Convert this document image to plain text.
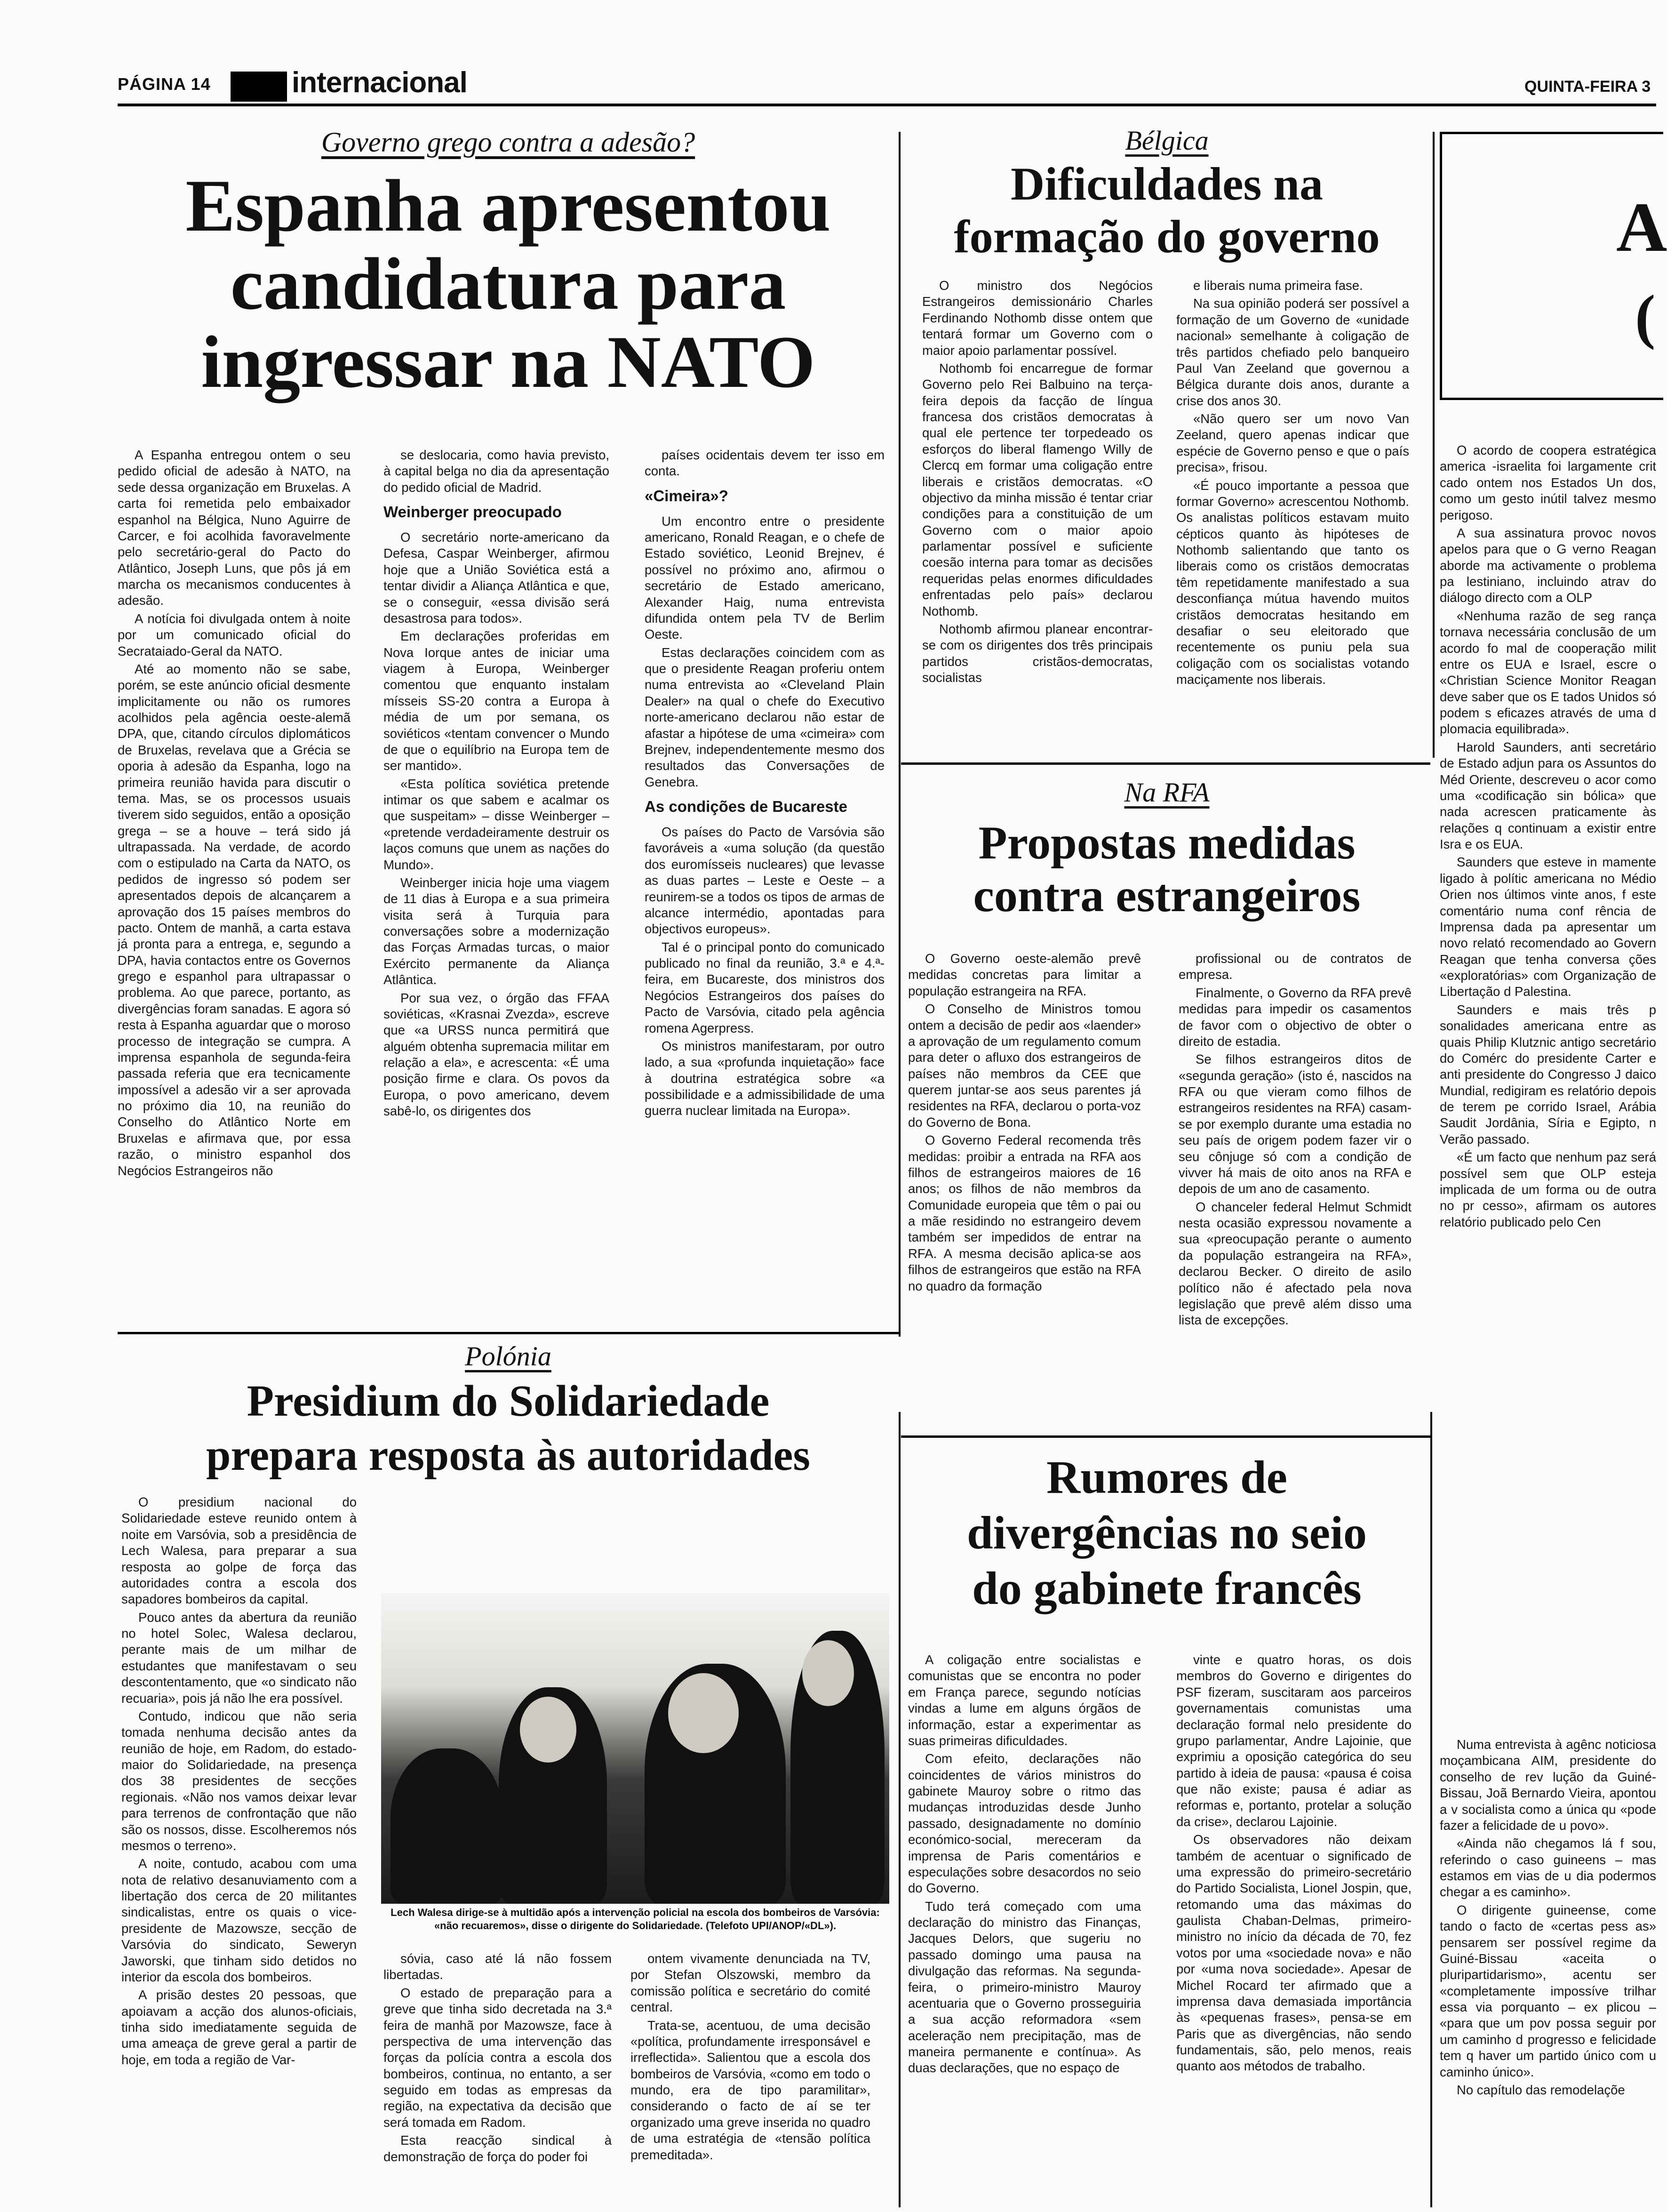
PÁGINA 14	internacional	QUINTA-FEIRA 3
Governo grego contra a adesão?
Espanha apresentou
candidatura para
ingressar na NATO

A Espanha entregou ontem o seu pedido oficial de adesão à NATO, na sede dessa organização em Bruxelas. A carta foi remetida pelo embaixador espanhol na Bélgica, Nuno Aguirre de Carcer, e foi acolhida favoravelmente pelo secretário-geral do Pacto do Atlântico, Joseph Luns, que pôs já em marcha os mecanismos conducentes à adesão.

A notícia foi divulgada ontem à noite por um comunicado oficial do Secrataiado-Geral da NATO.

Até ao momento não se sabe, porém, se este anúncio oficial desmente implicitamente ou não os rumores acolhidos pela agência oeste-alemã DPA, que, citando círculos diplomáticos de Bruxelas, revelava que a Grécia se oporia à adesão da Espanha, logo na primeira reunião havida para discutir o tema. Mas, se os processos usuais tiverem sido seguidos, então a oposição grega – se a houve – terá sido já ultrapassada. Na verdade, de acordo com o estipulado na Carta da NATO, os pedidos de ingresso só podem ser apresentados depois de alcançarem a aprovação dos 15 países membros do pacto. Ontem de manhã, a carta estava já pronta para a entrega, e, segundo a DPA, havia contactos entre os Governos grego e espanhol para ultrapassar o problema. Ao que parece, portanto, as divergências foram sanadas. E agora só resta à Espanha aguardar que o moroso processo de integração se cumpra. A imprensa espanhola de segunda-feira passada referia que era tecnicamente impossível a adesão vir a ser aprovada no próximo dia 10, na reunião do Conselho do Atlântico Norte em Bruxelas e afirmava que, por essa razão, o ministro espanhol dos Negócios Estrangeiros não

se deslocaria, como havia previsto, à capital belga no dia da apresentação do pedido oficial de Madrid.

Weinberger preocupado

O secretário norte-americano da Defesa, Caspar Weinberger, afirmou hoje que a União Soviética está a tentar dividir a Aliança Atlântica e que, se o conseguir, «essa divisão será desastrosa para todos».

Em declarações proferidas em Nova Iorque antes de iniciar uma viagem à Europa, Weinberger comentou que enquanto instalam mísseis SS-20 contra a Europa à média de um por semana, os soviéticos «tentam convencer o Mundo de que o equilíbrio na Europa tem de ser mantido».

«Esta política soviética pretende intimar os que sabem e acalmar os que suspeitam» – disse Weinberger – «pretende verdadeiramente destruir os laços comuns que unem as nações do Mundo».

Weinberger inicia hoje uma viagem de 11 dias à Europa e a sua primeira visita será à Turquia para conversações sobre a modernização das Forças Armadas turcas, o maior Exército permanente da Aliança Atlântica.

Por sua vez, o órgão das FFAA soviéticas, «Krasnai Zvezda», escreve que «a URSS nunca permitirá que alguém obtenha supremacia militar em relação a ela», e acrescenta: «É uma posição firme e clara. Os povos da Europa, o povo americano, devem sabê-lo, os dirigentes dos

países ocidentais devem ter isso em conta.

«Cimeira»?

Um encontro entre o presidente americano, Ronald Reagan, e o chefe de Estado soviético, Leonid Brejnev, é possível no próximo ano, afirmou o secretário de Estado americano, Alexander Haig, numa entrevista difundida ontem pela TV de Berlim Oeste.

Estas declarações coincidem com as que o presidente Reagan proferiu ontem numa entrevista ao «Cleveland Plain Dealer» na qual o chefe do Executivo norte-americano declarou não estar de afastar a hipótese de uma «cimeira» com Brejnev, independentemente mesmo dos resultados das Conversações de Genebra.

As condições de Bucareste

Os países do Pacto de Varsóvia são favoráveis a «uma solução (da questão dos euromísseis nucleares) que levasse as duas partes – Leste e Oeste – a reunirem-se a todos os tipos de armas de alcance intermédio, apontadas para objectivos europeus».

Tal é o principal ponto do comunicado publicado no final da reunião, 3.ª e 4.ª-feira, em Bucareste, dos ministros dos Negócios Estrangeiros dos países do Pacto de Varsóvia, citado pela agência romena Agerpress.

Os ministros manifestaram, por outro lado, a sua «profunda inquietação» face à doutrina estratégica sobre «a possibilidade e a admissibilidade de uma guerra nuclear limitada na Europa».

Bélgica
Dificuldades na
formação do governo

O ministro dos Negócios Estrangeiros demissionário Charles Ferdinando Nothomb disse ontem que tentará formar um Governo com o maior apoio parlamentar possível.

Nothomb foi encarregue de formar Governo pelo Rei Balbuino na terça-feira depois da facção de língua francesa dos cristãos democratas à qual ele pertence ter torpedeado os esforços do liberal flamengo Willy de Clercq em formar uma coligação entre liberais e cristãos democratas. «O objectivo da minha missão é tentar criar condições para a constituição de um Governo com o maior apoio parlamentar possível e suficiente coesão interna para tomar as decisões requeridas pelas enormes dificuldades enfrentadas pelo país» declarou Nothomb.

Nothomb afirmou planear encontrar-se com os dirigentes dos três principais partidos cristãos-democratas, socialistas

e liberais numa primeira fase.

Na sua opinião poderá ser possível a formação de um Governo de «unidade nacional» semelhante à coligação de três partidos chefiado pelo banqueiro Paul Van Zeeland que governou a Bélgica durante dois anos, durante a crise dos anos 30.

«Não quero ser um novo Van Zeeland, quero apenas indicar que espécie de Governo penso e que o país precisa», frisou.

«É pouco importante a pessoa que formar Governo» acrescentou Nothomb. Os analistas políticos estavam muito cépticos quanto às hipóteses de Nothomb salientando que tanto os liberais como os cristãos democratas têm repetidamente manifestado a sua desconfiança mútua havendo muitos cristãos democratas hesitando em desafiar o seu eleitorado que recentemente os puniu pela sua coligação com os socialistas votando maciçamente nos liberais.

Na RFA
Propostas medidas
contra estrangeiros

O Governo oeste-alemão prevê medidas concretas para limitar a população estrangeira na RFA.

O Conselho de Ministros tomou ontem a decisão de pedir aos «laender» a aprovação de um regulamento comum para deter o afluxo dos estrangeiros de países não membros da CEE que querem juntar-se aos seus parentes já residentes na RFA, declarou o porta-voz do Governo de Bona.

O Governo Federal recomenda três medidas: proibir a entrada na RFA aos filhos de estrangeiros maiores de 16 anos; os filhos de não membros da Comunidade europeia que têm o pai ou a mãe residindo no estrangeiro devem também ser impedidos de entrar na RFA. A mesma decisão aplica-se aos filhos de estrangeiros que estão na RFA no quadro da formação

profissional ou de contratos de empresa.

Finalmente, o Governo da RFA prevê medidas para impedir os casamentos de favor com o objectivo de obter o direito de estadia.

Se filhos estrangeiros ditos de «segunda geração» (isto é, nascidos na RFA ou que vieram como filhos de estrangeiros residentes na RFA) casam-se por exemplo durante uma estadia no seu país de origem podem fazer vir o seu cônjuge só com a condição de vivver há mais de oito anos na RFA e depois de um ano de casamento.

O chanceler federal Helmut Schmidt nesta ocasião expressou novamente a sua «preocupação perante o aumento da população estrangeira na RFA», declarou Becker. O direito de asilo político não é afectado pela nova legislação que prevê além disso uma lista de excepções.

Polónia
Presidium do Solidariedade
prepara resposta às autoridades

O presidium nacional do Solidariedade esteve reunido ontem à noite em Varsóvia, sob a presidência de Lech Walesa, para preparar a sua resposta ao golpe de força das autoridades contra a escola dos sapadores bombeiros da capital.

Pouco antes da abertura da reunião no hotel Solec, Walesa declarou, perante mais de um milhar de estudantes que manifestavam o seu descontentamento, que «o sindicato não recuaria», pois já não lhe era possível.

Contudo, indicou que não seria tomada nenhuma decisão antes da reunião de hoje, em Radom, do estado-maior do Solidariedade, na presença dos 38 presidentes de secções regionais. «Não nos vamos deixar levar para terrenos de confrontação que não são os nossos, disse. Escolheremos nós mesmos o terreno».

A noite, contudo, acabou com uma nota de relativo desanuviamento com a libertação dos cerca de 20 militantes sindicalistas, entre os quais o vice-presidente de Mazowsze, secção de Varsóvia do sindicato, Seweryn Jaworski, que tinham sido detidos no interior da escola dos bombeiros.

A prisão destes 20 pessoas, que apoiavam a acção dos alunos-oficiais, tinha sido imediatamente seguida de uma ameaça de greve geral a partir de hoje, em toda a região de Var-

Lech Walesa dirige-se à multidão após a intervenção policial na escola dos bombeiros de Varsóvia: «não recuaremos», disse o dirigente do Solidariedade. (Telefoto UPI/ANOP/«DL»).

sóvia, caso até lá não fossem libertadas.

O estado de preparação para a greve que tinha sido decretada na 3.ª feira de manhã por Mazowsze, face à perspectiva de uma intervenção das forças da polícia contra a escola dos bombeiros, continua, no entanto, a ser seguido em todas as empresas da região, na expectativa da decisão que será tomada em Radom.

Esta reacção sindical à demonstração de força do poder foi

ontem vivamente denunciada na TV, por Stefan Olszowski, membro da comissão política e secretário do comité central.

Trata-se, acentuou, de uma decisão «política, profundamente irresponsável e irreflectida». Salientou que a escola dos bombeiros de Varsóvia, «como em todo o mundo, era de tipo paramilitar», considerando o facto de aí se ter organizado uma greve inserida no quadro de uma estratégia de «tensão política premeditada».

Rumores de
divergências no seio
do gabinete francês

A coligação entre socialistas e comunistas que se encontra no poder em França parece, segundo notícias vindas a lume em alguns órgãos de informação, estar a experimentar as suas primeiras dificuldades.

Com efeito, declarações não coincidentes de vários ministros do gabinete Mauroy sobre o ritmo das mudanças introduzidas desde Junho passado, designadamente no domínio económico-social, mereceram da imprensa de Paris comentários e especulações sobre desacordos no seio do Governo.

Tudo terá começado com uma declaração do ministro das Finanças, Jacques Delors, que sugeriu no passado domingo uma pausa na divulgação das reformas. Na segunda-feira, o primeiro-ministro Mauroy acentuaria que o Governo prosseguiria a sua acção reformadora «sem aceleração nem precipitação, mas de maneira permanente e contínua». As duas declarações, que no espaço de

vinte e quatro horas, os dois membros do Governo e dirigentes do PSF fizeram, suscitaram aos parceiros governamentais comunistas uma declaração formal nelo presidente do grupo parlamentar, Andre Lajoinie, que exprimiu a oposição categórica do seu partido à ideia de pausa: «pausa é coisa que não existe; pausa é adiar as reformas e, portanto, protelar a solução da crise», declarou Lajoinie.

Os observadores não deixam também de acentuar o significado de uma expressão do primeiro-secretário do Partido Socialista, Lionel Jospin, que, retomando uma das máximas do gaulista Chaban-Delmas, primeiro-ministro no início da década de 70, fez votos por uma «sociedade nova» e não por «uma nova sociedade». Apesar de Michel Rocard ter afirmado que a imprensa dava demasiada importância às «pequenas frases», pensa-se em Paris que as divergências, não sendo fundamentais, são, pelo menos, reais quanto aos métodos de trabalho.

A
(

O acordo de coopera estratégica america -israelita foi largamente crit cado ontem nos Estados Un dos, como um gesto inútil talvez mesmo perigoso.

A sua assinatura provoc novos apelos para que o G verno Reagan aborde ma activamente o problema pa lestiniano, incluindo atrav do diálogo directo com a OLP

«Nenhuma razão de seg rança tornava necessária conclusão de um acordo fo mal de cooperação milit entre os EUA e Israel, escre o «Christian Science Monitor Reagan deve saber que os E tados Unidos só podem s eficazes através de uma d plomacia equilibrada».

Harold Saunders, anti secretário de Estado adjun para os Assuntos do Méd Oriente, descreveu o acor como uma «codificação sin bólica» que nada acrescen praticamente às relações q continuam a existir entre Isra e os EUA.

Saunders que esteve in mamente ligado à polític americana no Médio Orien nos últimos vinte anos, f este comentário numa conf rência de Imprensa dada pa apresentar um novo relató recomendado ao Govern Reagan que tenha conversa ções «exploratórias» com Organização de Libertação d Palestina.

Saunders e mais três p sonalidades americana entre as quais Philip Klutznic antigo secretário do Comérc do presidente Carter e anti presidente do Congresso J daico Mundial, redigiram es relatório depois de terem pe corrido Israel, Arábia Saudit Jordânia, Síria e Egipto, n Verão passado.

«É um facto que nenhum paz será possível sem que OLP esteja implicada de um forma ou de outra no pr cesso», afirmam os autores relatório publicado pelo Cen

Numa entrevista à agênc noticiosa moçambicana AIM, presidente do conselho de rev lução da Guiné-Bissau, Joã Bernardo Vieira, apontou a v socialista como a única qu «pode fazer a felicidade de u povo».

«Ainda não chegamos lá f sou, referindo o caso guineens – mas estamos em vias de u dia podermos chegar a es caminho».

O dirigente guineense, come tando o facto de «certas pess as» pensarem ser possível regime da Guiné-Bissau «aceita o pluripartidarismo», acentu ser «completamente impossíve trilhar essa via porquanto – ex plicou – «para que um pov possa seguir por um caminho d progresso e felicidade tem q haver um partido único com u caminho único».

No capítulo das remodelaçõe
